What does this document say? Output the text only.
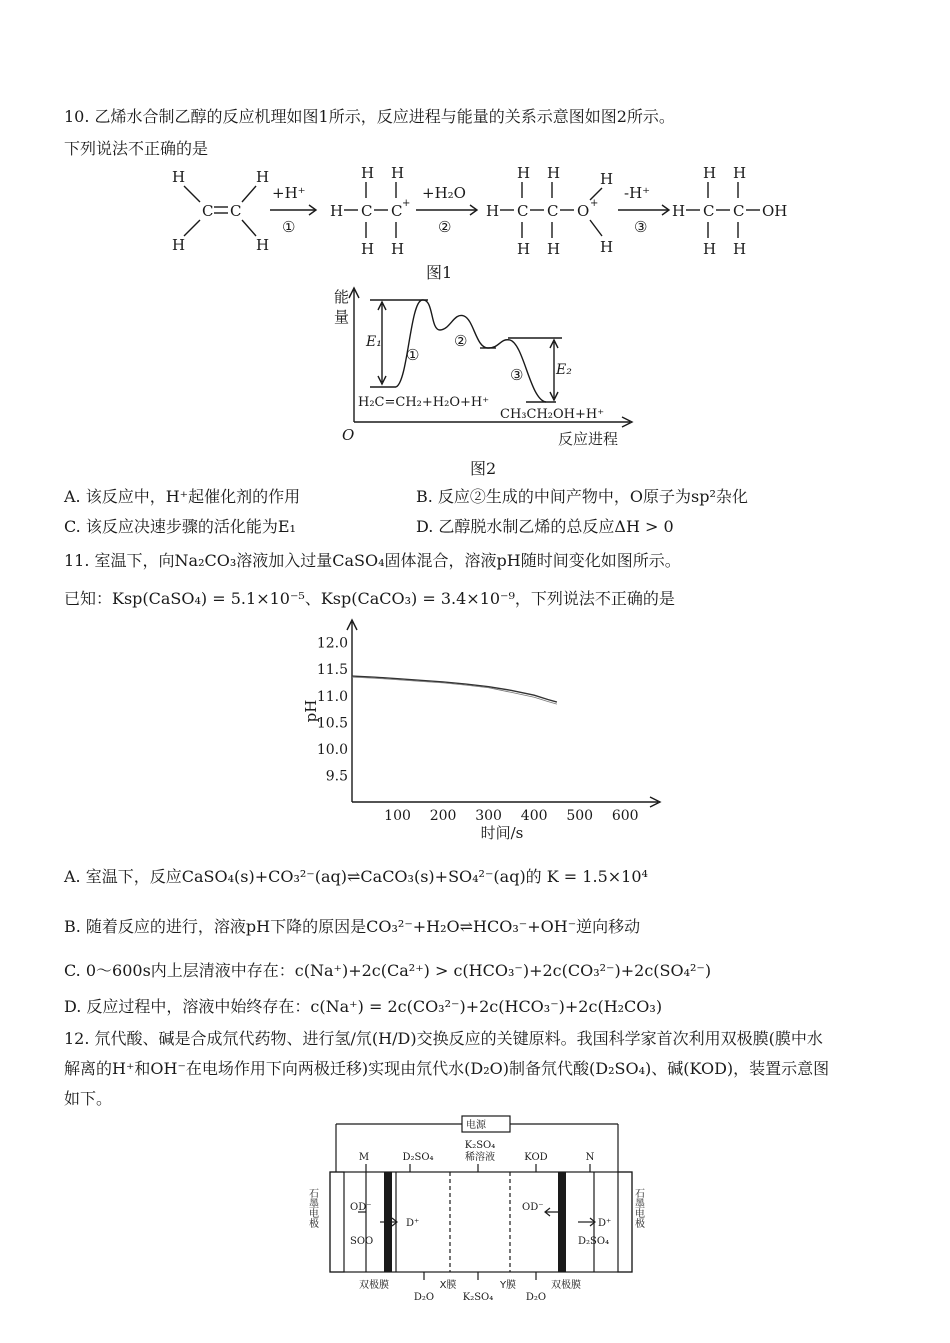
10. 乙烯水合制乙醇的反应机理如图1所示，反应进程与能量的关系示意图如图2所示。
下列说法不正确的是
H	H
H	H
C C
+H⁺
①
H C C +
H H
H H
+H₂O
②
H C C O +
H H
H H
H
H
-H⁺
③
H C C OH
H H
H H
图1
能
量
O	反应进程
E₁
E₂
①
②
③
H₂C=CH₂+H₂O+H⁺
CH₃CH₂OH+H⁺
图2
A. 该反应中，H⁺起催化剂的作用	B. 反应②生成的中间产物中，O原子为sp²杂化
C. 该反应决速步骤的活化能为E₁	D. 乙醇脱水制乙烯的总反应ΔH > 0
11. 室温下，向Na₂CO₃溶液加入过量CaSO₄固体混合，溶液pH随时间变化如图所示。
已知：Ksp(CaSO₄) = 5.1×10⁻⁵、Ksp(CaCO₃) = 3.4×10⁻⁹，下列说法不正确的是
9.5
10.0
10.5
11.0
11.5
12.0
100 200 300 400 500 600
时间/s
pH
A. 室温下，反应CaSO₄(s)+CO₃²⁻(aq)⇌CaCO₃(s)+SO₄²⁻(aq)的 K = 1.5×10⁴
B. 随着反应的进行，溶液pH下降的原因是CO₃²⁻+H₂O⇌HCO₃⁻+OH⁻逆向移动
C. 0～600s内上层清液中存在：c(Na⁺)+2c(Ca²⁺) > c(HCO₃⁻)+2c(CO₃²⁻)+2c(SO₄²⁻)
D. 反应过程中，溶液中始终存在：c(Na⁺) = 2c(CO₃²⁻)+2c(HCO₃⁻)+2c(H₂CO₃)
12. 氘代酸、碱是合成氘代药物、进行氢/氘(H/D)交换反应的关键原料。我国科学家首次利用双极膜(膜中水
解离的H⁺和OH⁻在电场作用下向两极迁移)实现由氘代水(D₂O)制备氘代酸(D₂SO₄)、碱(KOD)，装置示意图
如下。
电源
M	D₂SO₄
K₂SO₄
稀溶液	KOD	N
OD⁻
D⁺
SOO
OD⁻
D⁺
D₂SO₄
双极膜	X膜	Y膜	双极膜
D₂O	K₂SO₄	D₂O
石墨电极	石墨电极
